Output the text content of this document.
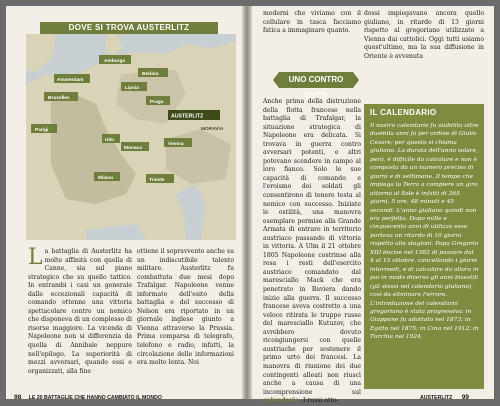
DOVE SI TROVA AUSTERLITZ
Amburgo
Berlino
Amsterdam
Lipsia
Bruxelles
Praga
AUSTERLITZ
MORAVIA
Parigi
Ulm
Monaco
Vienna
Milano	Trieste
La battaglia di Austerlitz ha molte affinità con quella di Canne, sia sul piano strategico che su quello tattico. In entrambi i casi un generale dalle eccezionali capacità di comando ottenne una vittoria spettacolare contro un nemico che disponeva di un complesso di risorse maggiore. La vicenda di Napoleone non si differenzia da quella di Annibale neppure nell'epilogo. La superiorità di mezzi avversari, quando essi e organizzati, alla fine
ottiene il sopravvento anche su un indiscutibile talento militare. Austerlitz fu combattuta due mesi dopo Trafalgar. Napoleone venne informato dell'esito della battaglia e del successo di Nelson era riportato in un giornale inglese giunto a Vienna attraverso la Prussia. Prima comparsa di telegrafo, telefono e radio, infatti, la circolazione delle informazioni era molto lenta. Noi
98 LE 20 BATTAGLIE CHE HANNO CAMBIATO IL MONDO
moderni che viviamo con il cellulare in tasca facciamo fatica a immaginare quanto.
UNO CONTRO TUTTI
Anche prima della distruzione della flotta francese nella battaglia di Trafalgar, la situazione strategica di Napoleone era delicata. Si trovava in guerra contro avversari potenti, e altri potevano scendere in campo al loro fianco. Solo le sue capacità di comando e l'eroismo dei soldati gli consentirono di tenere testa al nemico con successo. Iniziate le ostilità, una manovra esemplare permise alla Grande Armata di entrare in territorio austriaco passando di vittoria in vittoria. A Ulm il 21 ottobre 1805 Napoleone costrinse alla resa i resti dell'esercito austriaco comandato dal maresciallo Mack che era penetrato in Baviera dando inizio alla guerra. Il successo francese aveva costretto a una veloce ritirata le truppe russe del maresciallo Kutuzov, che avrebbero dovuto ricongiungersi con quelle austriache per sostenere il primo urto dei francesi. La manovra di riunione dei due contingenti alleati non riuscì anche a causa di una incomprensione sul calendario. I russi otto-
dossi impiegavano ancora quello giuliano, in ritardo di 13 giorni rispetto al gregoriano utilizzato a Vienna dai cattolici. Oggi tutti usiamo quest'ultimo, ma la sua diffusione in Oriente è avvenuta
IL CALENDARIO

Il nostro calendario fu stabilito oltre duemila anni fa per ordine di Giulio Cesare; per questo si chiama giuliano. La durata dell'anno solare, però, è difficile da calcolare e non è composta da un numero preciso di giorni e di settimane. Il tempo che impiega la Terra a compiere un giro attorno al Sole è infatti di 365 giorni, 5 ore, 48 minuti e 45 secondi. L'anno giuliano quindi non era perfetto. Dopo mille e cinquecento anni di utilizzo esso portava un ritardo di 10 giorni rispetto alle stagioni. Papa Gregorio XIII decise nel 1582 di passare dal 4 al 15 ottobre, cancellando i giorni intermedi, e di calcolare da allora in poi in modo diverso gli anni bisestili (gli stessi nel calendario giuliano), così da eliminare l'errore. L'introduzione del calendario gregoriano è stata progressiva: in Giappone fu adottato nel 1873; in Egitto nel 1875; in Cina nel 1912; in Turchia nel 1924.

AUSTERLITZ 99
